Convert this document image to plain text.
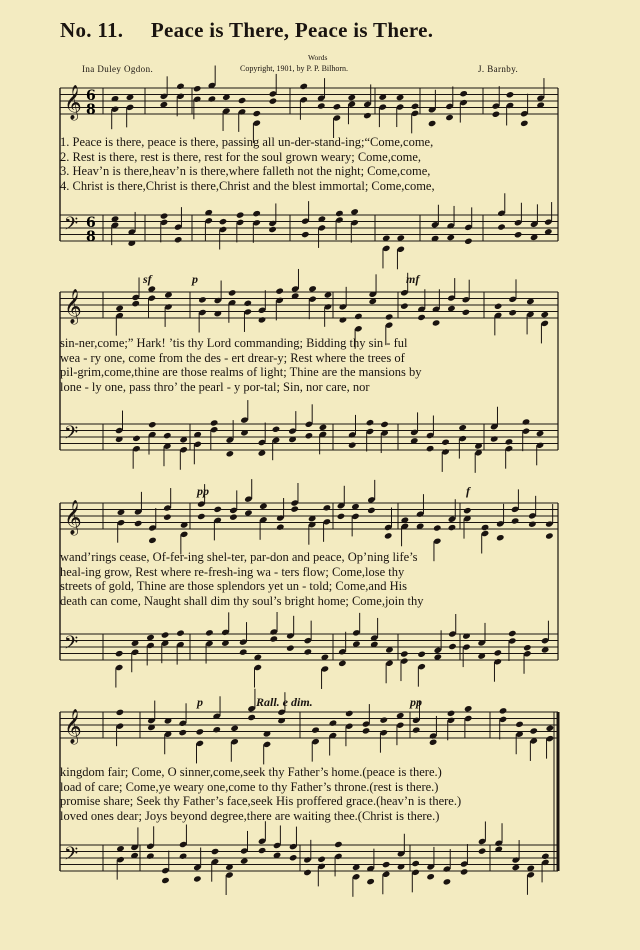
No. 11. Peace is There, Peace is There.
Ina Duley Ogdon.
Words
Copyright, 1901, by P. P. Bilhorn.	J. Barnby.
𝄞 6
8
𝄢 6
8
𝄞
𝄢
𝄞
𝄢
𝄞
𝄢
1. Peace is there, peace is there, passing all un-der-stand-ing;“Come,come,
2. Rest is there, rest is there, rest for the soul grown weary; Come,come,
3. Heav’n is there,heav’n is there,where falleth not the night; Come,come,
4. Christ is there,Christ is there,Christ and the blest immortal; Come,come,
sin-ner,come;” Hark! ’tis thy Lord commanding; Bidding thy sin - ful
wea - ry one, come from the des - ert drear-y; Rest where the trees of
pil-grim,come,thine are those realms of light; Thine are the mansions by
lone - ly one, pass thro’ the pearl - y por-tal; Sin, nor care, nor
wand’rings cease, Of-fer-ing shel-ter, par-don and peace, Op’ning life’s
heal-ing grow, Rest where re-fresh-ing wa - ters flow; Come,lose thy
streets of gold, Thine are those splendors yet un - told; Come,and His
death can come, Naught shall dim thy soul’s bright home; Come,join thy
kingdom fair; Come, O sinner,come,seek thy Father’s home.(peace is there.)
load of care; Come,ye weary one,come to thy Father’s throne.(rest is there.)
promise share; Seek thy Father’s face,seek His proffered grace.(heav’n is there.)
loved ones dear; Joys beyond degree,there are waiting thee.(Christ is there.)
sf	p	mf
pp	f
p	Rall. e dim.	pp
